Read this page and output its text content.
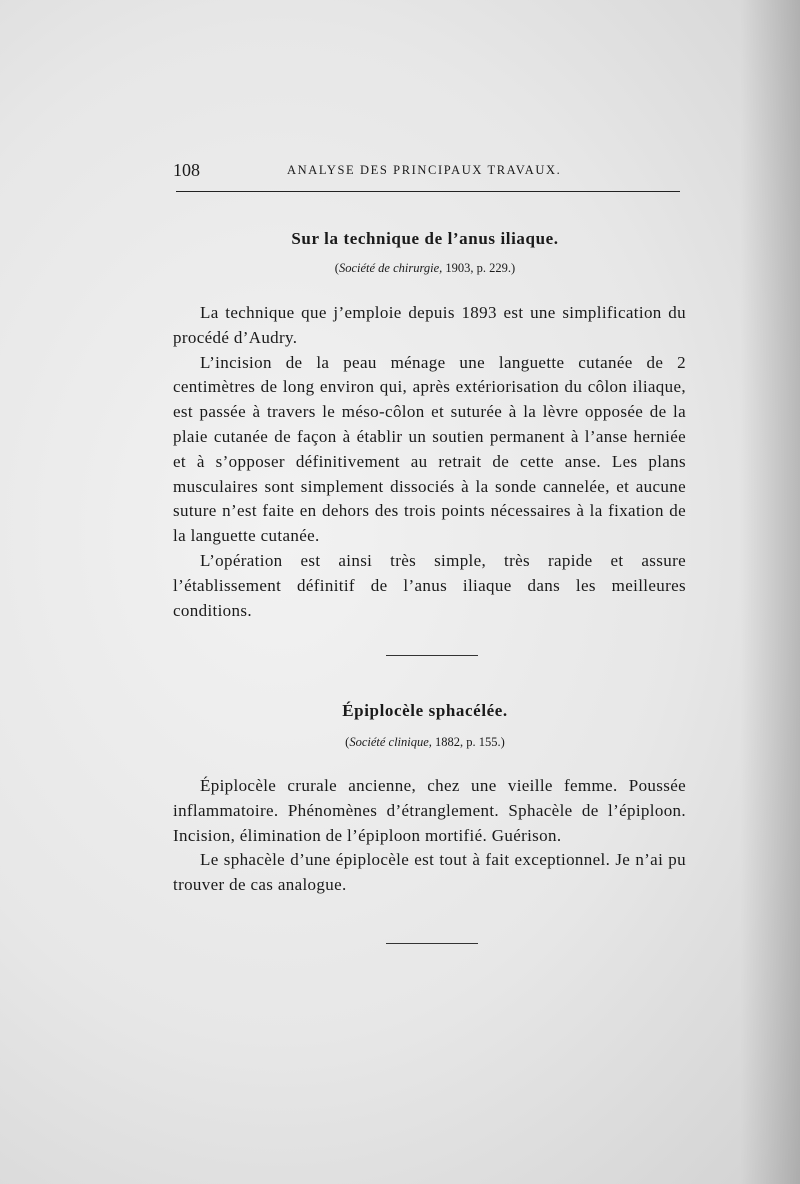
108	ANALYSE DES PRINCIPAUX TRAVAUX.
Sur la technique de l’anus iliaque.
(Société de chirurgie, 1903, p. 229.)

La technique que j’emploie depuis 1893 est une simplification du procédé d’Audry.

L’incision de la peau ménage une languette cutanée de 2 centimètres de long environ qui, après extériorisation du côlon iliaque, est passée à travers le méso-côlon et suturée à la lèvre opposée de la plaie cutanée de façon à établir un soutien permanent à l’anse herniée et à s’opposer définitivement au retrait de cette anse. Les plans musculaires sont simplement dissociés à la sonde cannelée, et aucune suture n’est faite en dehors des trois points nécessaires à la fixation de la languette cutanée.

L’opération est ainsi très simple, très rapide et assure l’établissement définitif de l’anus iliaque dans les meilleures conditions.

Épiplocèle sphacélée.
(Société clinique, 1882, p. 155.)

Épiplocèle crurale ancienne, chez une vieille femme. Poussée inflammatoire. Phénomènes d’étranglement. Sphacèle de l’épiploon. Incision, élimination de l’épiploon mortifié. Guérison.

Le sphacèle d’une épiplocèle est tout à fait exceptionnel. Je n’ai pu trouver de cas analogue.
